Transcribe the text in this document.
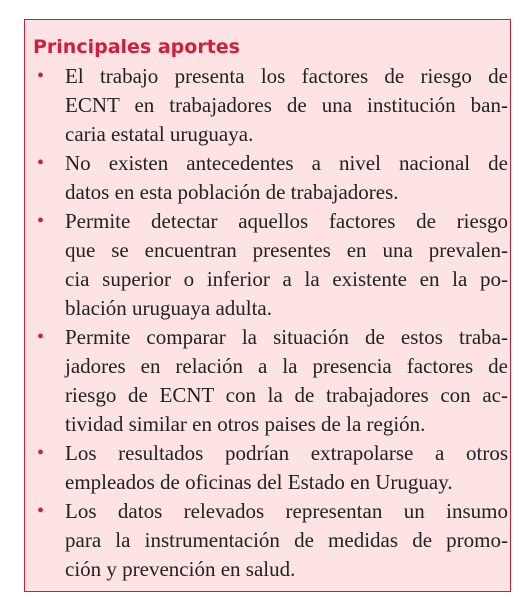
Principales aportes
• El trabajo presenta los factores de riesgo de
ECNT en trabajadores de una institución ban-
caria estatal uruguaya.
• No existen antecedentes a nivel nacional de
datos en esta población de trabajadores.
• Permite detectar aquellos factores de riesgo
que se encuentran presentes en una prevalen-
cia superior o inferior a la existente en la po-
blación uruguaya adulta.
• Permite comparar la situación de estos traba-
jadores en relación a la presencia factores de
riesgo de ECNT con la de trabajadores con ac-
tividad similar en otros paises de la región.
• Los resultados podrían extrapolarse a otros
empleados de oficinas del Estado en Uruguay.
• Los datos relevados representan un insumo
para la instrumentación de medidas de promo-
ción y prevención en salud.
